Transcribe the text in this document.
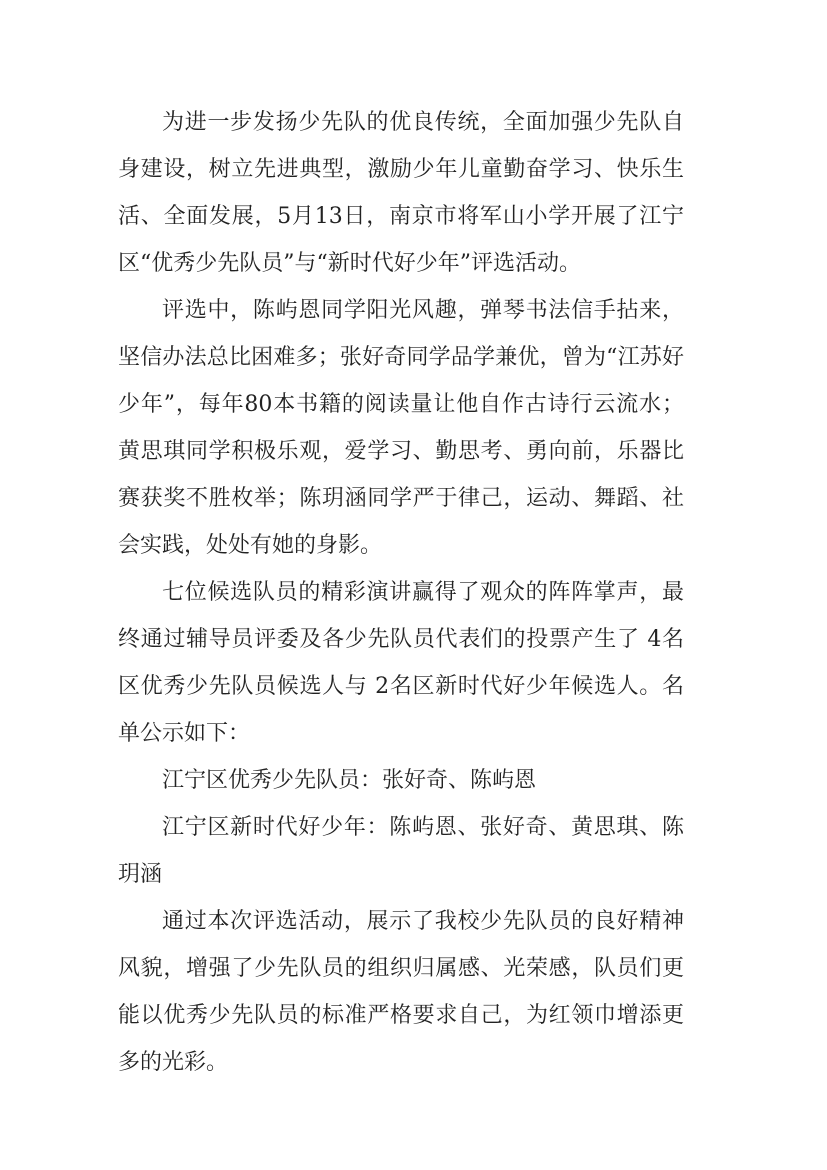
为进一步发扬少先队的优良传统，全面加强少先队自身建设，树立先进典型，激励少年儿童勤奋学习、快乐生活、全面发展，5月13日，南京市将军山小学开展了江宁区“优秀少先队员”与“新时代好少年”评选活动。

评选中，陈屿恩同学阳光风趣，弹琴书法信手拈来，坚信办法总比困难多；张好奇同学品学兼优，曾为“江苏好少年”，每年80本书籍的阅读量让他自作古诗行云流水；黄思琪同学积极乐观，爱学习、勤思考、勇向前，乐器比赛获奖不胜枚举；陈玥涵同学严于律己，运动、舞蹈、社会实践，处处有她的身影。

七位候选队员的精彩演讲赢得了观众的阵阵掌声，最终通过辅导员评委及各少先队员代表们的投票产生了 4名区优秀少先队员候选人与 2名区新时代好少年候选人。名单公示如下：

江宁区优秀少先队员：张好奇、陈屿恩

江宁区新时代好少年：陈屿恩、张好奇、黄思琪、陈玥涵

通过本次评选活动，展示了我校少先队员的良好精神风貌，增强了少先队员的组织归属感、光荣感，队员们更能以优秀少先队员的标准严格要求自己，为红领巾增添更多的光彩。
